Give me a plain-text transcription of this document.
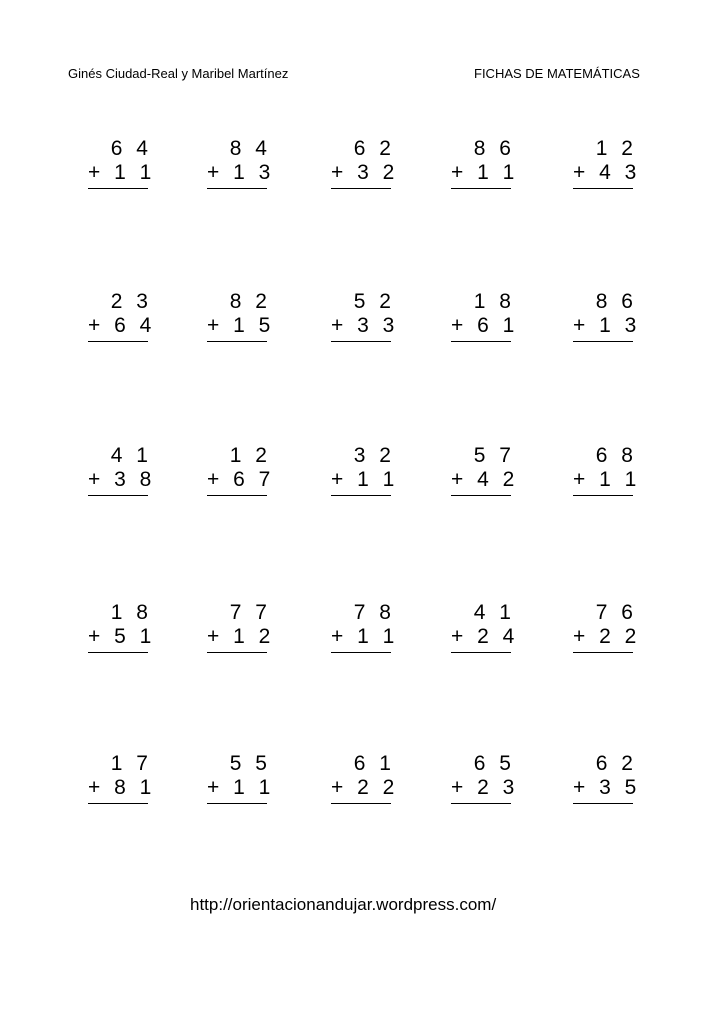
Ginés Ciudad-Real y Maribel Martínez	FICHAS DE MATEMÁTICAS
6 4
+ 1 1
8 4
+ 1 3
6 2
+ 3 2
8 6
+ 1 1
1 2
+ 4 3
2 3
+ 6 4
8 2
+ 1 5
5 2
+ 3 3
1 8
+ 6 1
8 6
+ 1 3
4 1
+ 3 8
1 2
+ 6 7
3 2
+ 1 1
5 7
+ 4 2
6 8
+ 1 1
1 8
+ 5 1
7 7
+ 1 2
7 8
+ 1 1
4 1
+ 2 4
7 6
+ 2 2
1 7
+ 8 1
5 5
+ 1 1
6 1
+ 2 2
6 5
+ 2 3
6 2
+ 3 5
http://orientacionandujar.wordpress.com/
